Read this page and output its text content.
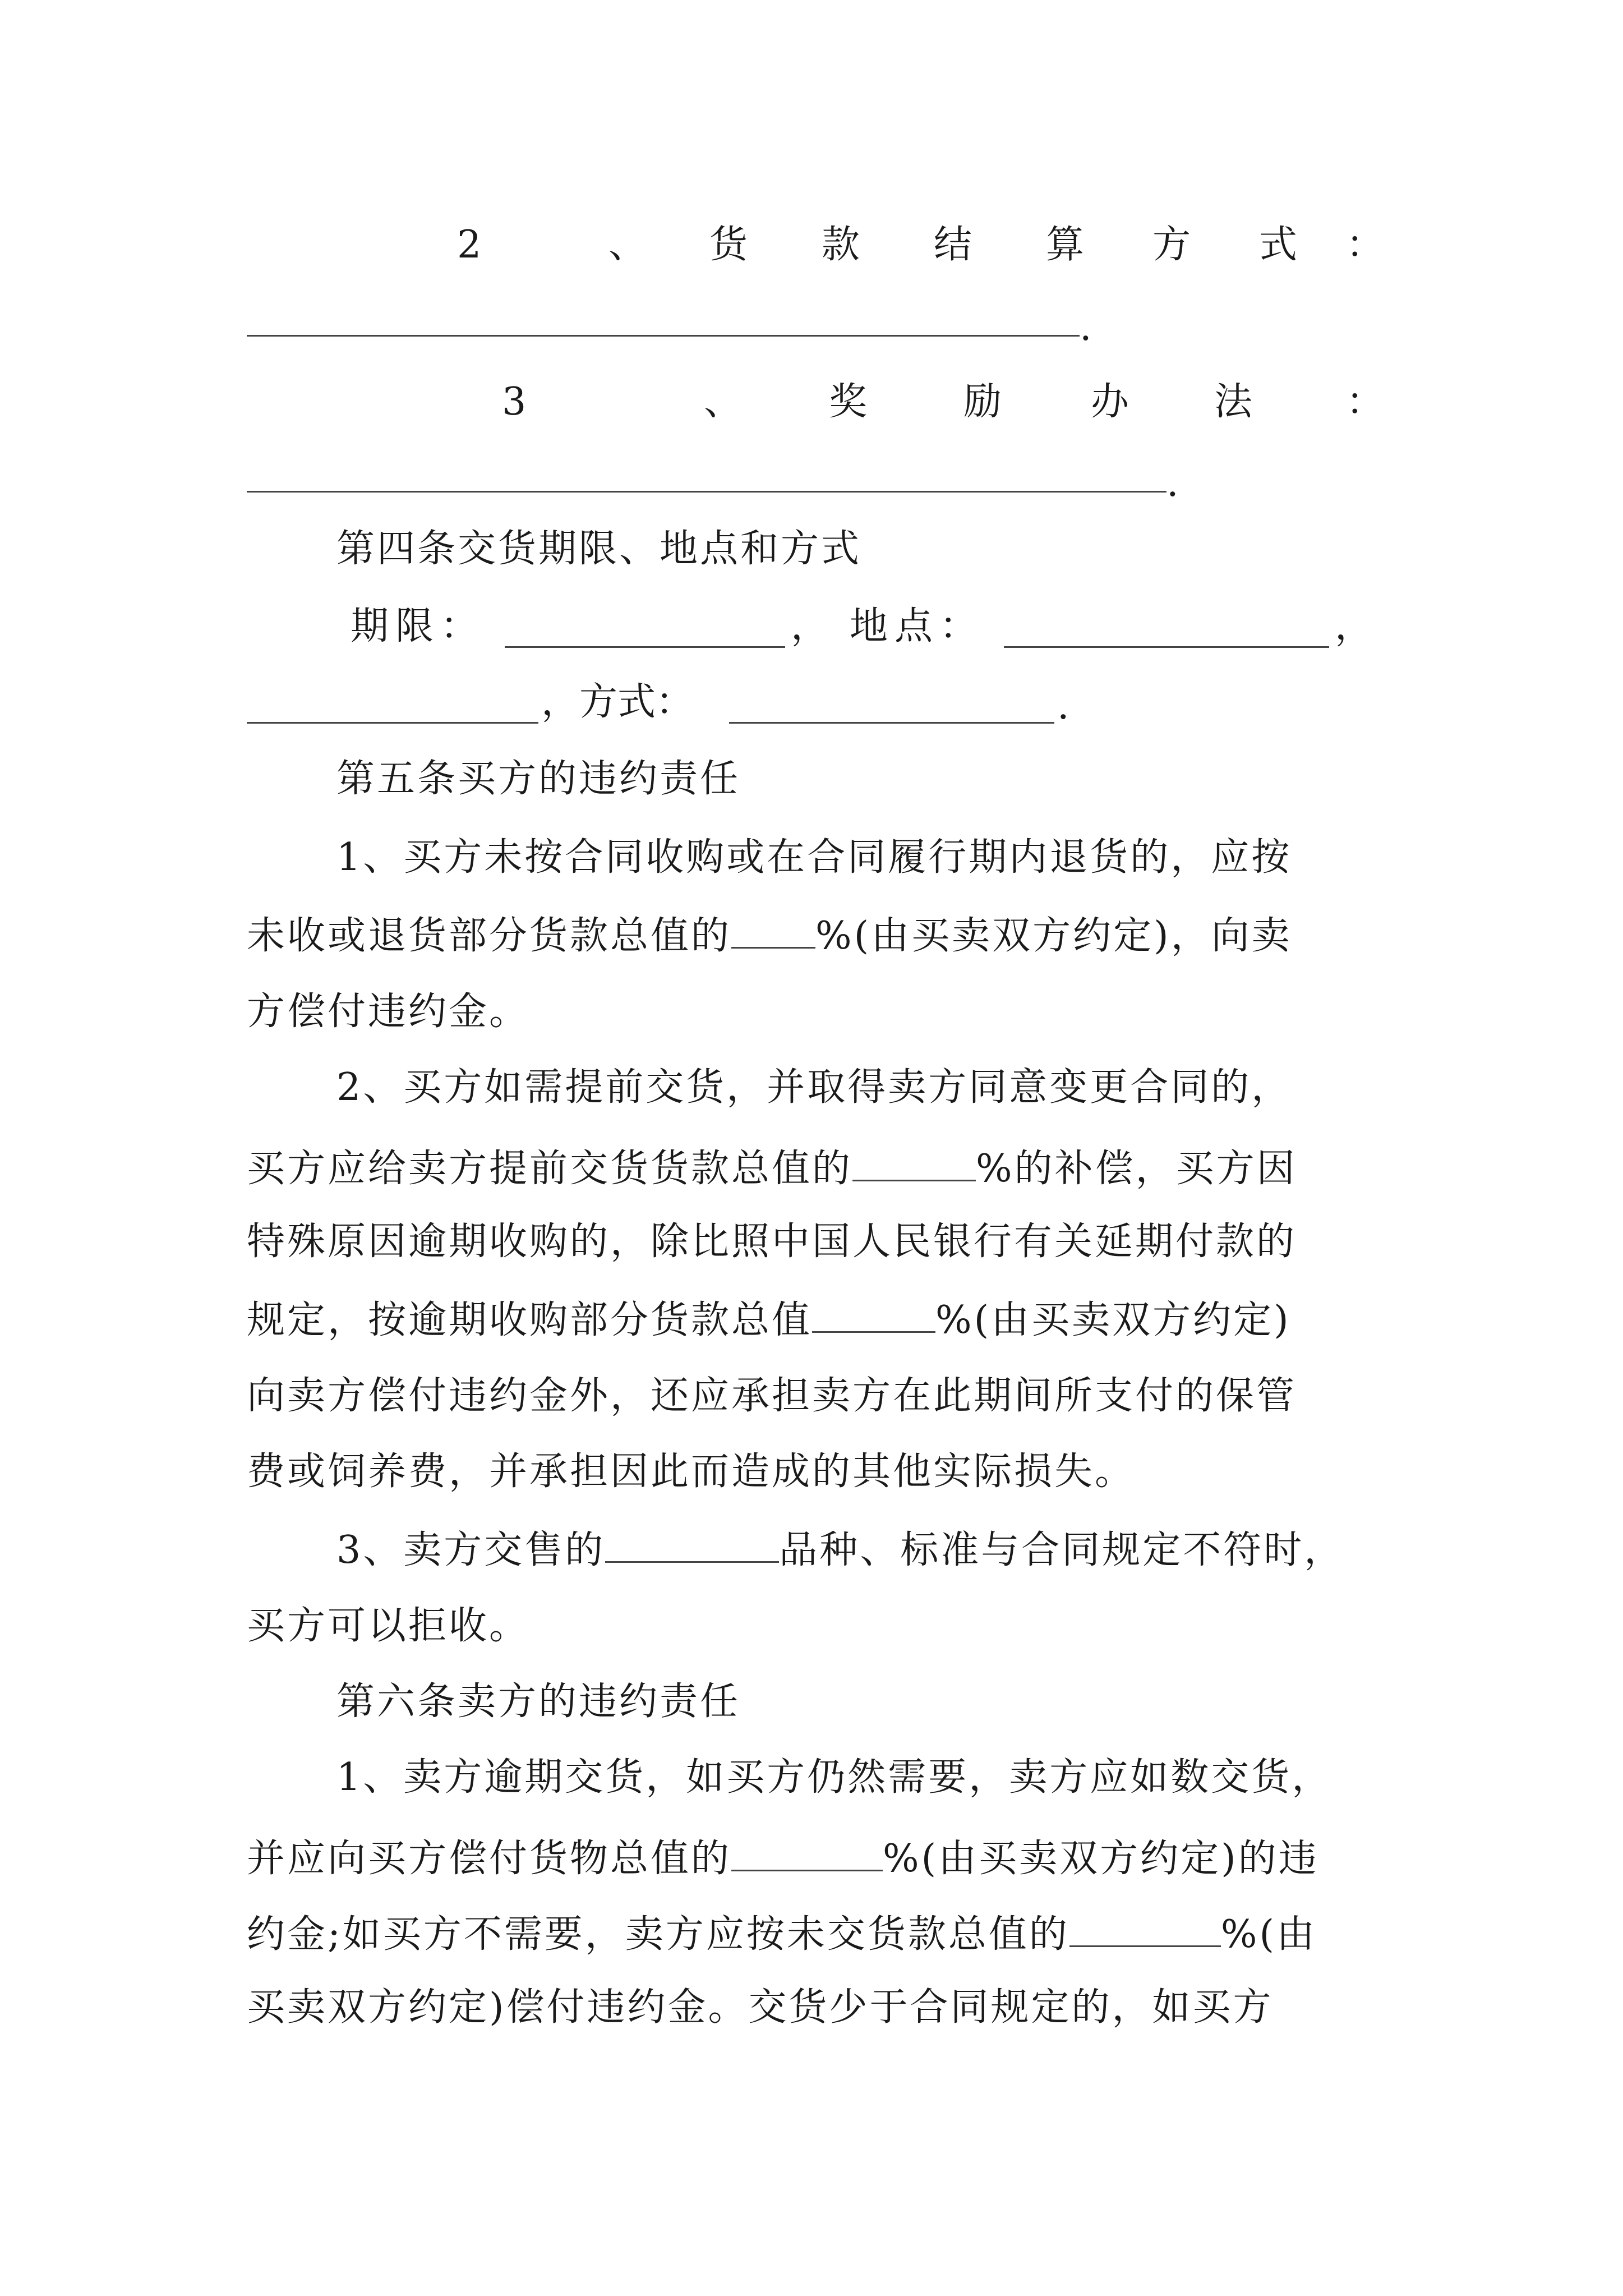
2	、 货 款 结 算 方 式 ：
.
3	、 奖	励 办 法 ：
.
第四条交货期限、地点和方式
期限：	， 地点：	，
，方式：	.
第五条买方的违约责任
1、买方未按合同收购或在合同履行期内退货的，应按
未收或退货部分货款总值的 %(由买卖双方约定)，向卖
方偿付违约金。
2、买方如需提前交货，并取得卖方同意变更合同的，
买方应给卖方提前交货货款总值的	%的补偿，买方因
特殊原因逾期收购的，除比照中国人民银行有关延期付款的
规定，按逾期收购部分货款总值	%(由买卖双方约定)
向卖方偿付违约金外，还应承担卖方在此期间所支付的保管
费或饲养费，并承担因此而造成的其他实际损失。
3、卖方交售的	品种、标准与合同规定不符时，
买方可以拒收。
第六条卖方的违约责任
1、卖方逾期交货，如买方仍然需要，卖方应如数交货，
并应向买方偿付货物总值的	%(由买卖双方约定)的违
约金;如买方不需要，卖方应按未交货款总值的	%(由
买卖双方约定)偿付违约金。交货少于合同规定的，如买方
